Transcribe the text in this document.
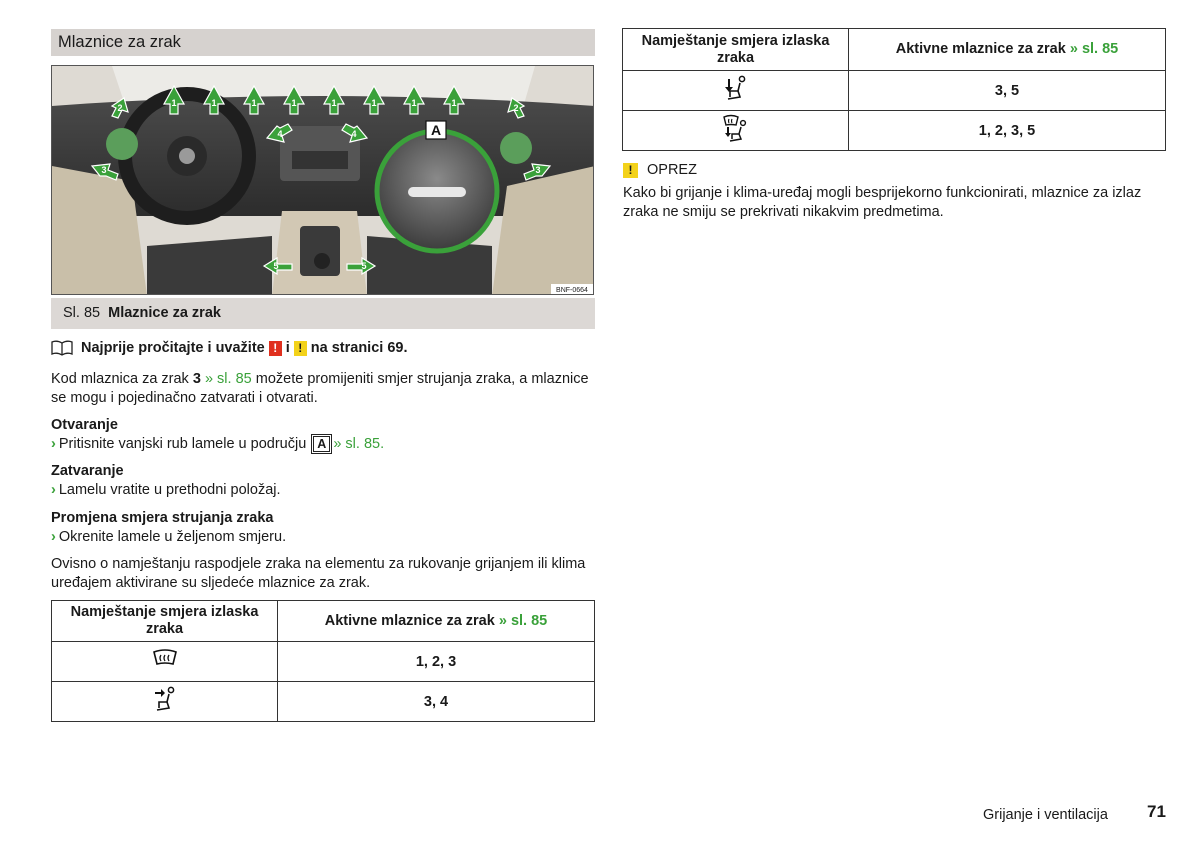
Mlaznice za zrak
A
1	1	1	1	1	1	1	1
2	2
3	3
4	4
5	5
BNF-0664
Sl. 85 Mlaznice za zrak
Najprije pročitajte i uvažite ! i ! na stranici 69.
Kod mlaznica za zrak 3 » sl. 85 možete promijeniti smjer strujanja zraka, a mlaznice se mogu i pojedinačno zatvarati i otvarati.
Otvaranje
› Pritisnite vanjski rub lamele u području A » sl. 85.
Zatvaranje
› Lamelu vratite u prethodni položaj.
Promjena smjera strujanja zraka
› Okrenite lamele u željenom smjeru.
Ovisno o namještanju raspodjele zraka na elementu za rukovanje grijanjem ili klima uređajem aktivirane su sljedeće mlaznice za zrak.
Namještanje smjera izlaska zraka	Aktivne mlaznice za zrak » sl. 85
	1, 2, 3
	3, 4
Namještanje smjera izlaska zraka	Aktivne mlaznice za zrak » sl. 85
	3, 5
	1, 2, 3, 5
!	OPREZ
Kako bi grijanje i klima-uređaj mogli besprijekorno funkcionirati, mlaznice za izlaz zraka ne smiju se prekrivati nikakvim predmetima.
Grijanje i ventilacija 71
